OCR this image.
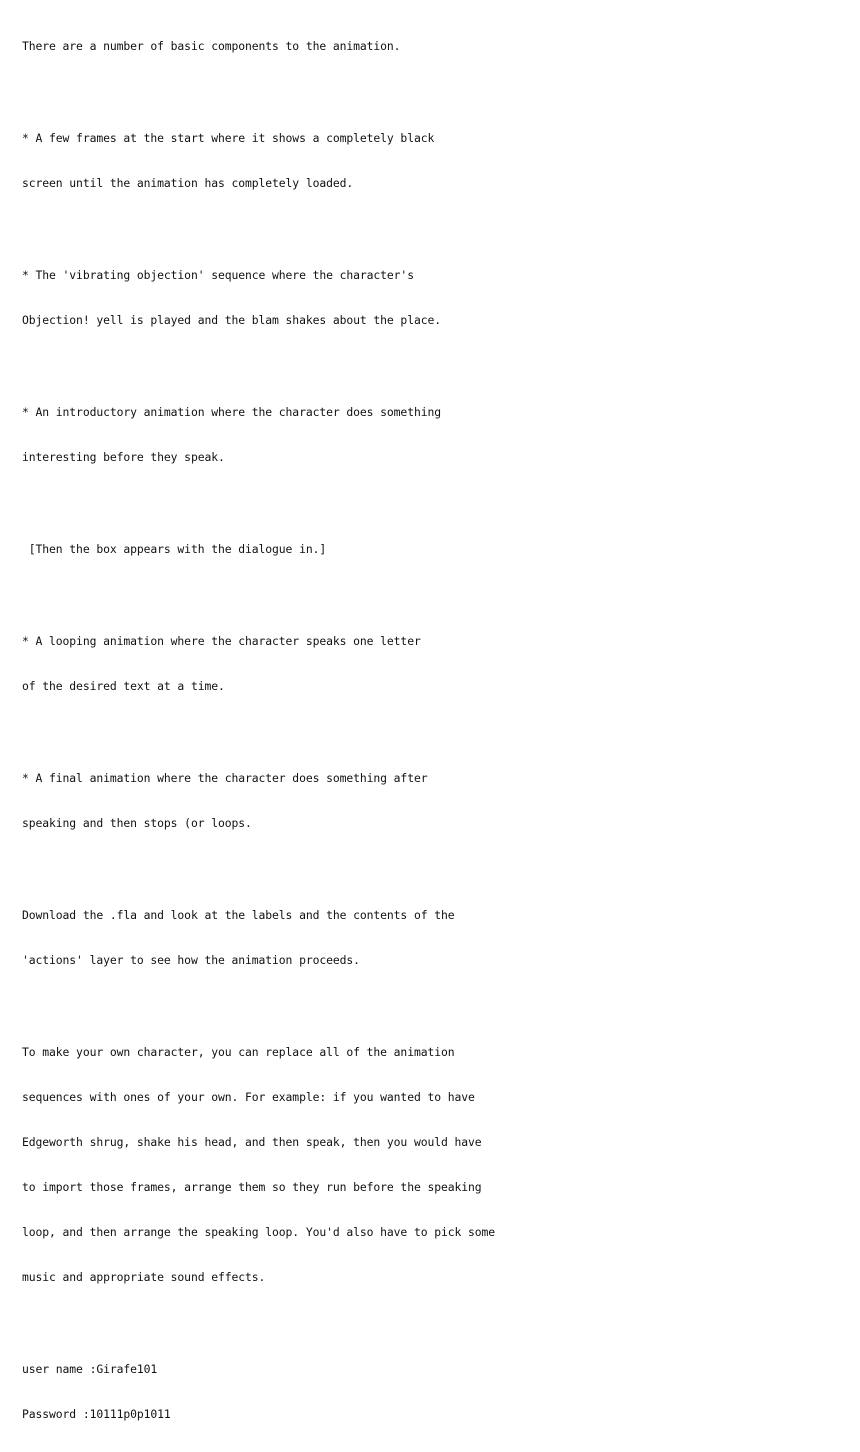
There are a number of basic components to the animation.

* A few frames at the start where it shows a completely black

screen until the animation has completely loaded.

* The 'vibrating objection' sequence where the character's

Objection! yell is played and the blam shakes about the place.

* An introductory animation where the character does something

interesting before they speak.

[Then the box appears with the dialogue in.]

* A looping animation where the character speaks one letter

of the desired text at a time.

* A final animation where the character does something after

speaking and then stops (or loops.

Download the .fla and look at the labels and the contents of the

'actions' layer to see how the animation proceeds.

To make your own character, you can replace all of the animation

sequences with ones of your own. For example: if you wanted to have

Edgeworth shrug, shake his head, and then speak, then you would have

to import those frames, arrange them so they run before the speaking

loop, and then arrange the speaking loop. You'd also have to pick some

music and appropriate sound effects.

user name :Girafe101

Password :10111p0p1011
